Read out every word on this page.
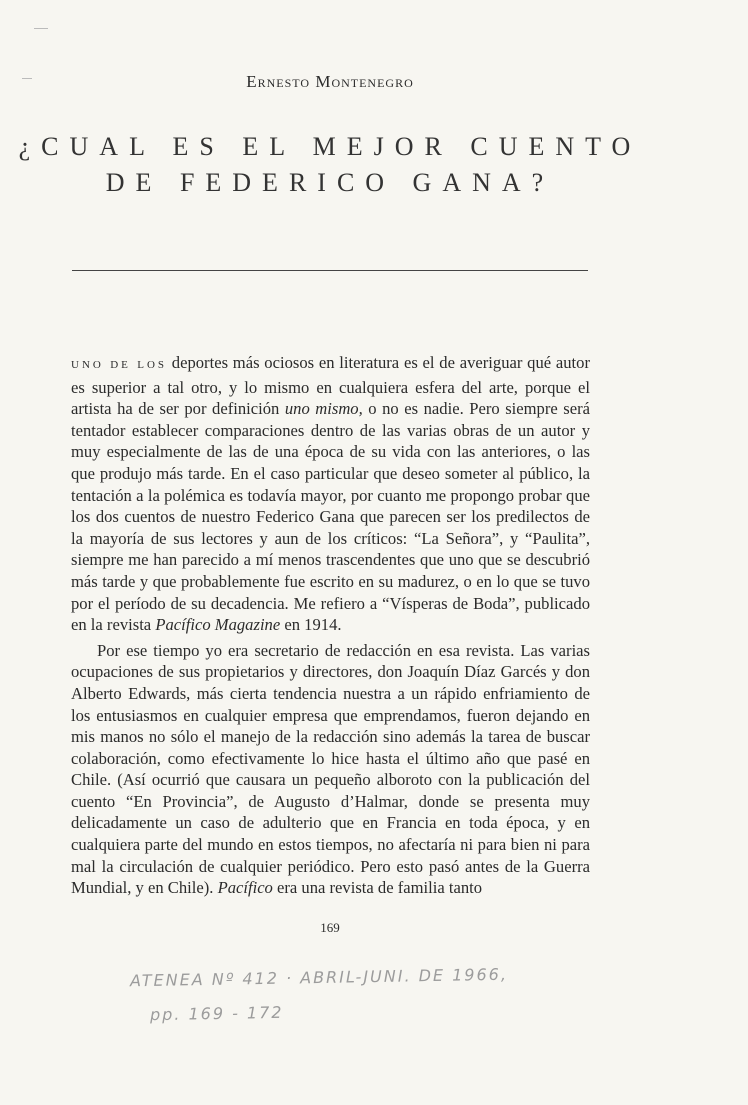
Ernesto Montenegro
¿CUAL ES EL MEJOR CUENTO
DE FEDERICO GANA?

UNO DE LOS deportes más ociosos en literatura es el de averiguar qué autor es superior a tal otro, y lo mismo en cualquiera esfera del arte, porque el artista ha de ser por definición uno mismo, o no es nadie. Pero siempre será tentador establecer comparaciones dentro de las varias obras de un autor y muy especialmente de las de una época de su vida con las anteriores, o las que produjo más tarde. En el caso particular que deseo someter al público, la tentación a la polémica es todavía mayor, por cuanto me propongo probar que los dos cuentos de nuestro Federico Gana que parecen ser los predilectos de la mayoría de sus lectores y aun de los críticos: “La Señora”, y “Paulita”, siempre me han parecido a mí menos trascendentes que uno que se descubrió más tarde y que probablemente fue escrito en su madurez, o en lo que se tuvo por el período de su decadencia. Me refiero a “Vísperas de Boda”, publicado en la revista Pacífico Magazine en 1914.

Por ese tiempo yo era secretario de redacción en esa revista. Las varias ocupaciones de sus propietarios y directores, don Joaquín Díaz Garcés y don Alberto Edwards, más cierta tendencia nuestra a un rápido enfriamiento de los entusiasmos en cualquier empresa que emprendamos, fueron dejando en mis manos no sólo el manejo de la redacción sino además la tarea de buscar colaboración, como efectivamente lo hice hasta el último año que pasé en Chile. (Así ocurrió que causara un pequeño alboroto con la publicación del cuento “En Provincia”, de Augusto d’Halmar, donde se presenta muy delicadamente un caso de adulterio que en Francia en toda época, y en cualquiera parte del mundo en estos tiempos, no afectaría ni para bien ni para mal la circulación de cualquier periódico. Pero esto pasó antes de la Guerra Mundial, y en Chile). Pacífico era una revista de familia tanto

169
ATENEA Nº 412 · ABRIL-JUNI. DE 1966,
pp. 169 - 172
